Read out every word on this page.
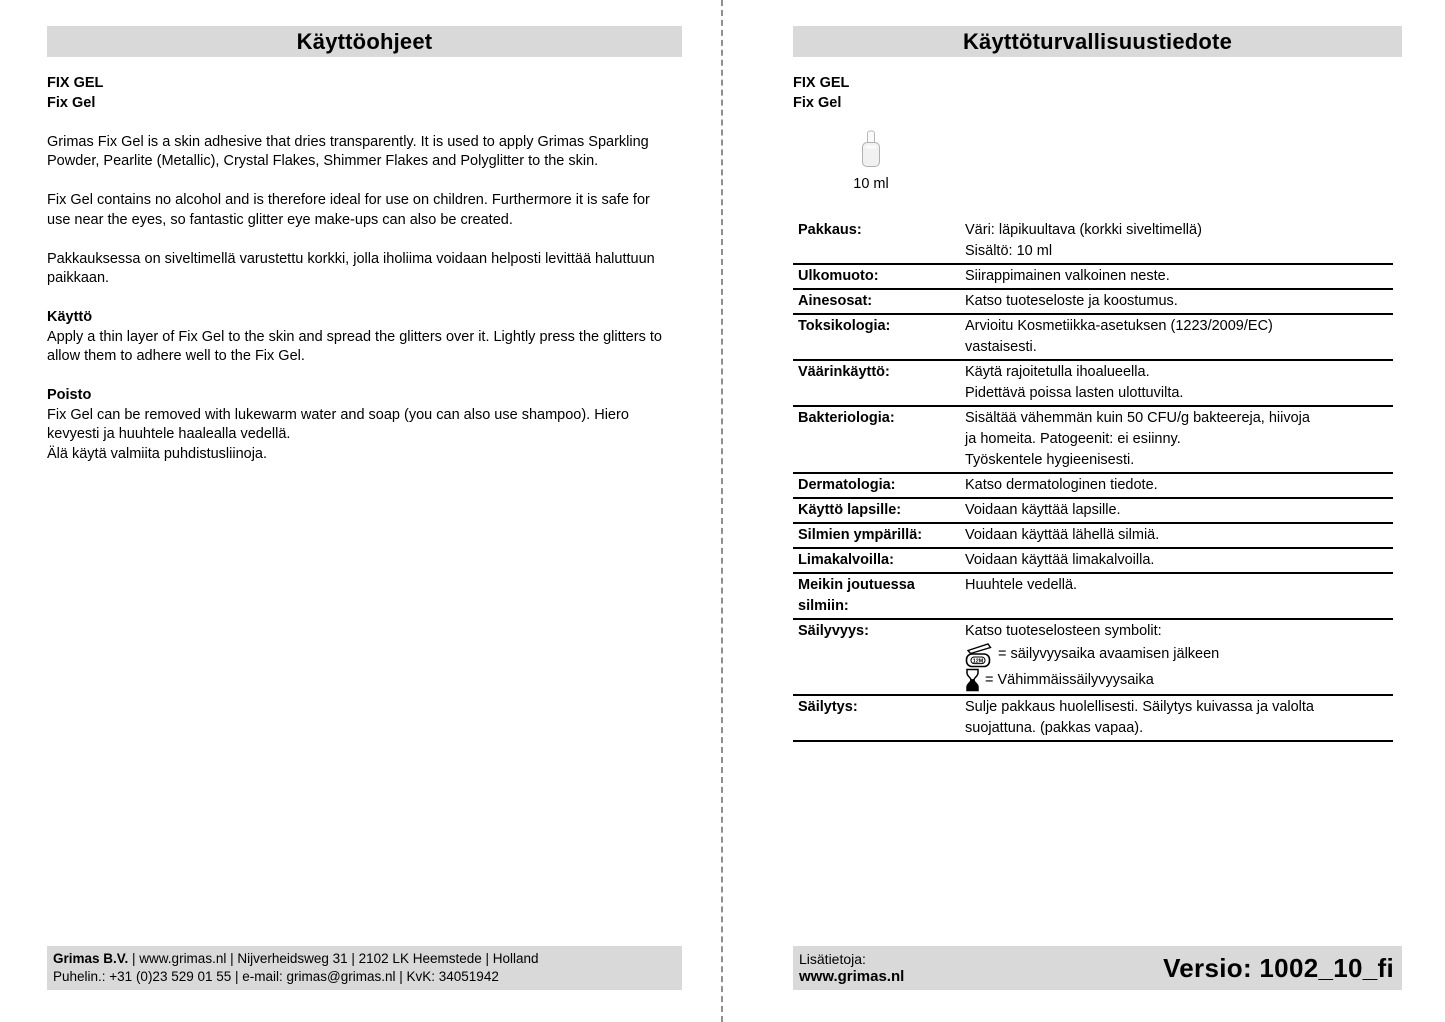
Käyttöohjeet
FIX GEL
Fix Gel

Grimas Fix Gel is a skin adhesive that dries transparently. It is used to apply Grimas Sparkling Powder, Pearlite (Metallic), Crystal Flakes, Shimmer Flakes and Polyglitter to the skin.

Fix Gel contains no alcohol and is therefore ideal for use on children. Furthermore it is safe for use near the eyes, so fantastic glitter eye make-ups can also be created.

Pakkauksessa on siveltimellä varustettu korkki, jolla iholiima voidaan helposti levittää haluttuun paikkaan.

Käyttö

Apply a thin layer of Fix Gel to the skin and spread the glitters over it. Lightly press the glitters to allow them to adhere well to the Fix Gel.

Poisto

Fix Gel can be removed with lukewarm water and soap (you can also use shampoo). Hiero kevyesti ja huuhtele haalealla vedellä.

Älä käytä valmiita puhdistusliinoja.

Käyttöturvallisuustiedote
FIX GEL
Fix Gel
10 ml
Pakkaus:	Väri: läpikuultava (korkki siveltimellä)
Sisältö: 10 ml
Ulkomuoto:	Siirappimainen valkoinen neste.
Ainesosat:	Katso tuoteseloste ja koostumus.
Toksikologia:	Arvioitu Kosmetiikka-asetuksen (1223/2009/EC)
vastaisesti.
Väärinkäyttö:	Käytä rajoitetulla ihoalueella.
Pidettävä poissa lasten ulottuvilta.
Bakteriologia:	Sisältää vähemmän kuin 50 CFU/g bakteereja, hiivoja
ja homeita. Patogeenit: ei esiinny.
Työskentele hygieenisesti.
Dermatologia:	Katso dermatologinen tiedote.
Käyttö lapsille:	Voidaan käyttää lapsille.
Silmien ympärillä:	Voidaan käyttää lähellä silmiä.
Limakalvoilla:	Voidaan käyttää limakalvoilla.
Meikin joutuessa silmiin:
Huuhtele vedellä.
Säilyvyys:	Katso tuoteselosteen symbolit:
12M = säilyvyysaika avaamisen jälkeen
= Vähimmäissäilyvyysaika
Säilytys:	Sulje pakkaus huolellisesti. Säilytys kuivassa ja valolta
suojattuna. (pakkas vapaa).
Grimas B.V. | www.grimas.nl | Nijverheidsweg 31 | 2102 LK Heemstede | Holland
Puhelin.: +31 (0)23 529 01 55 | e-mail: grimas@grimas.nl | KvK: 34051942
Lisätietoja:
www.grimas.nl	Versio: 1002_10_fi
